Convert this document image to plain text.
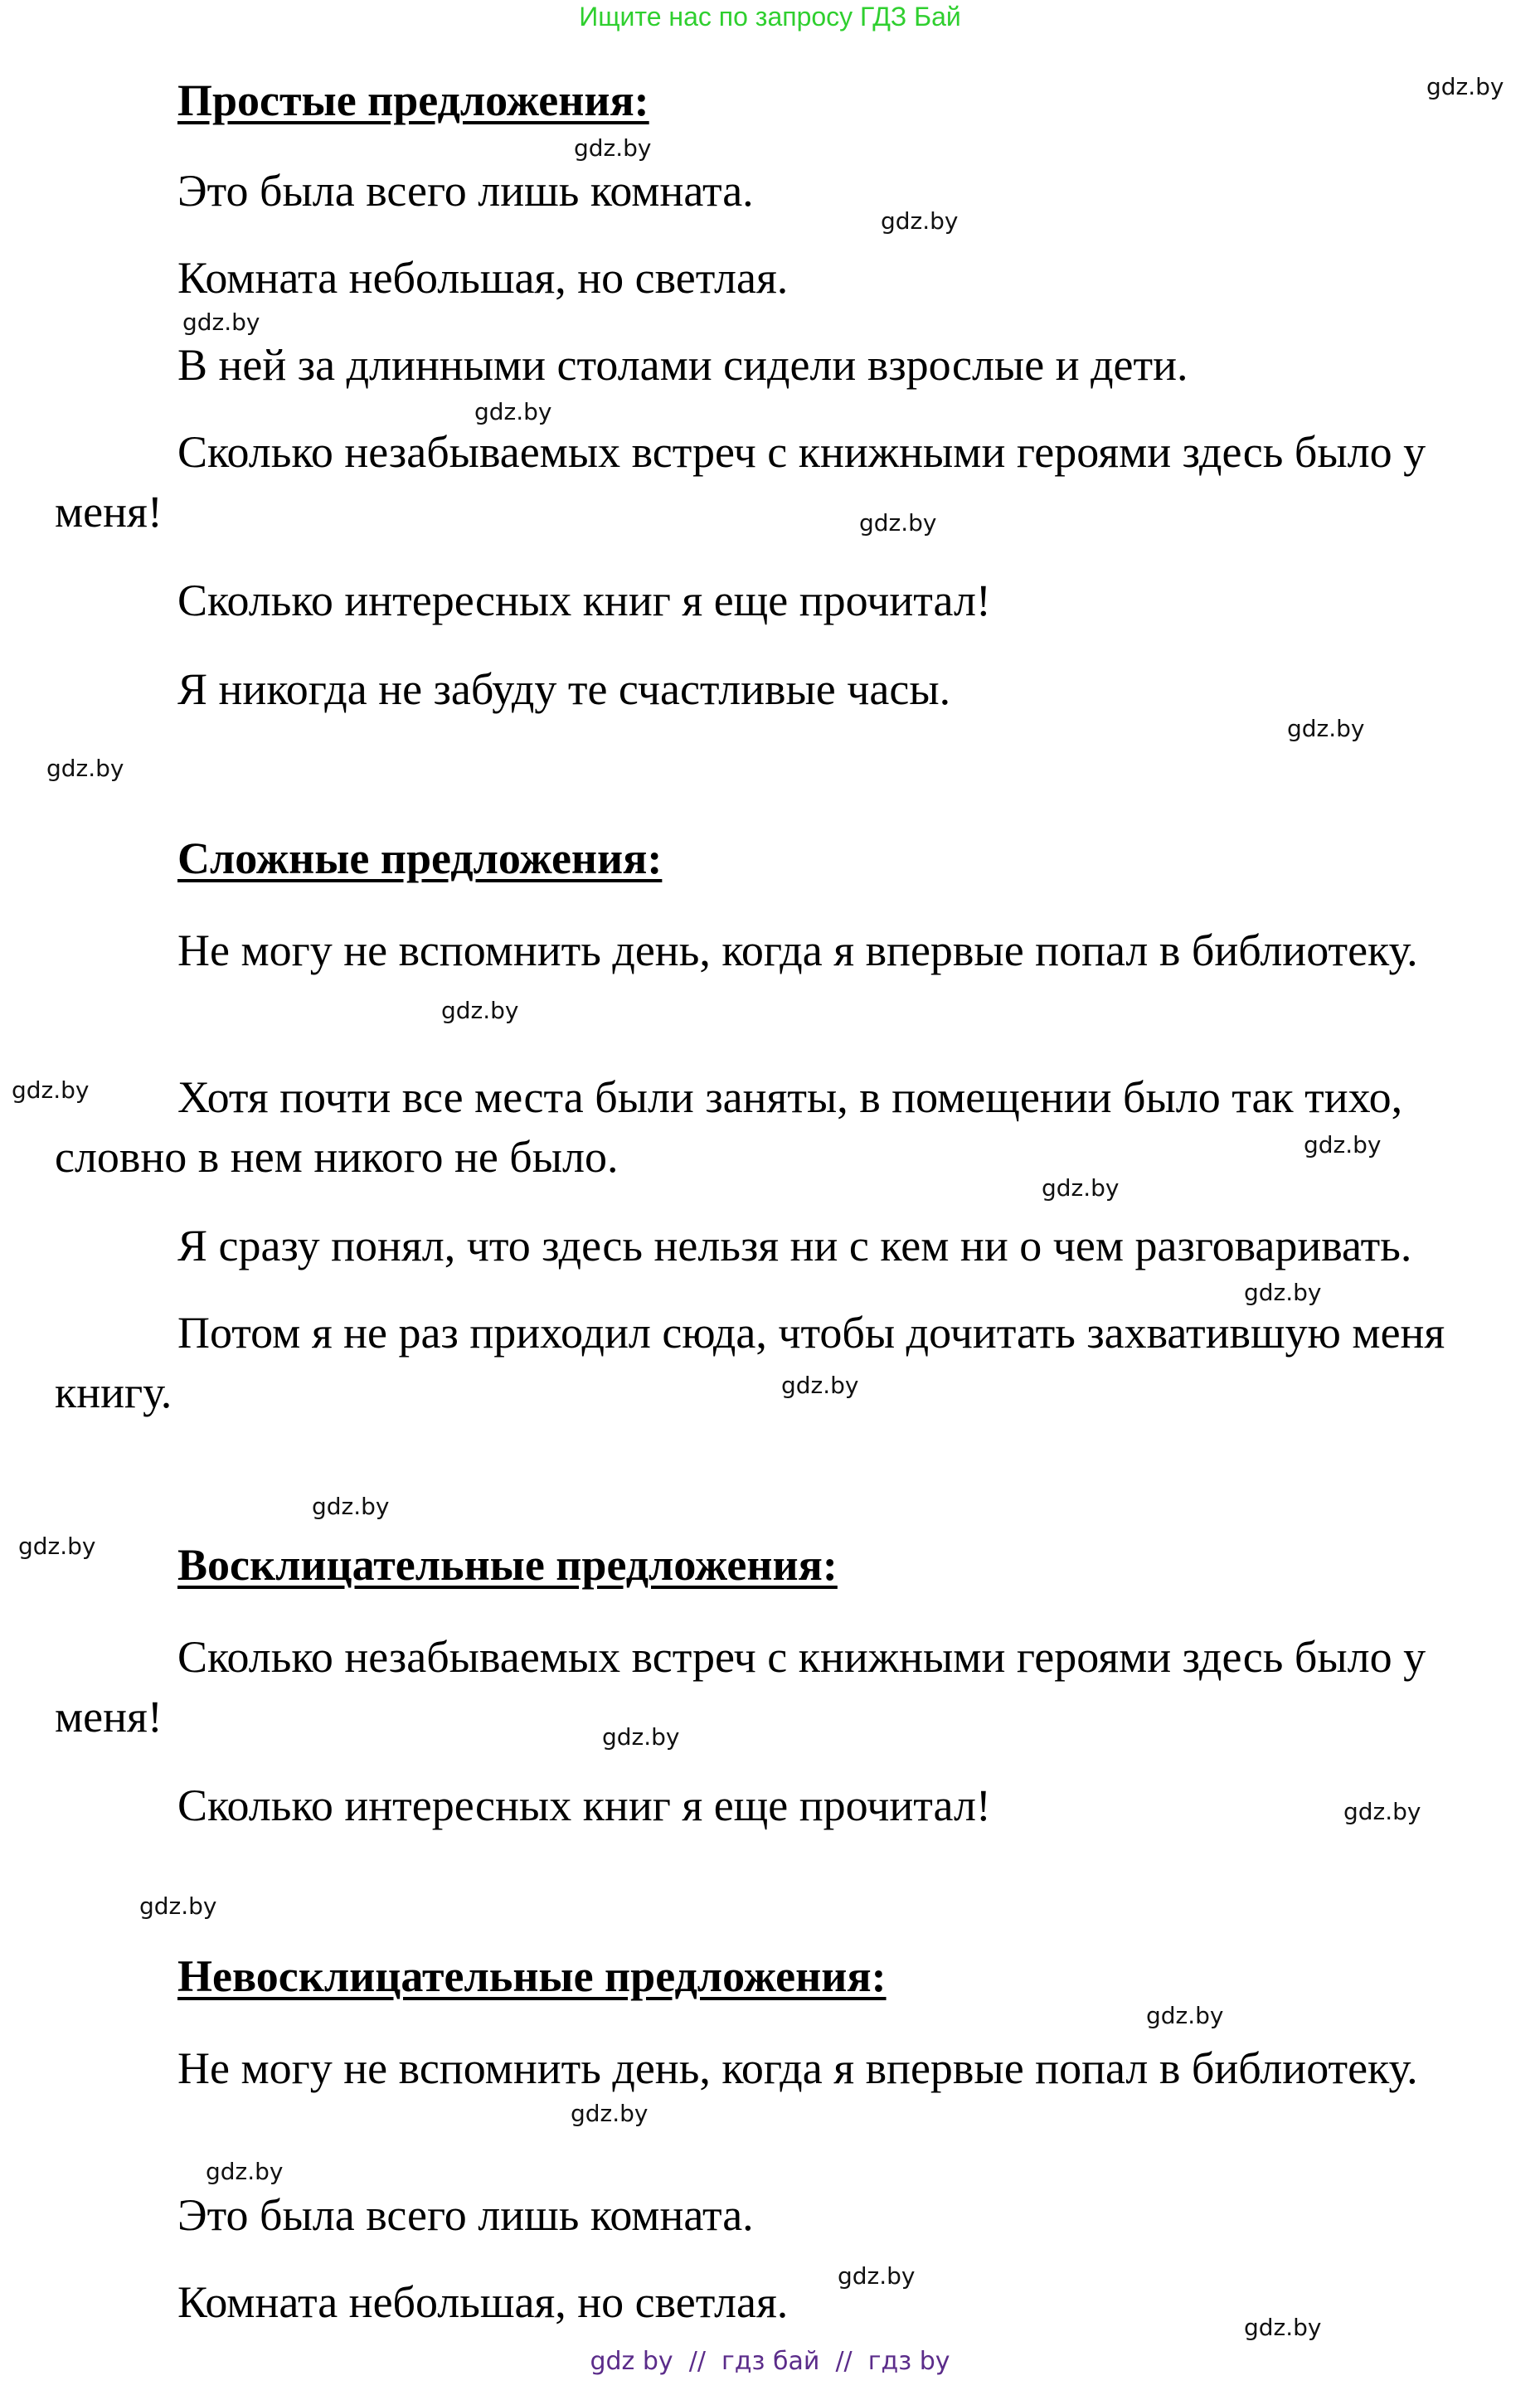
Ищите нас по запросу ГДЗ Бай
Простые предложения:

Это была всего лишь комната.

Комната небольшая, но светлая.

В ней за длинными столами сидели взрослые и дети.

Сколько незабываемых встреч с книжными героями здесь было у меня!

Сколько интересных книг я еще прочитал!

Я никогда не забуду те счастливые часы.

Сложные предложения:

Не могу не вспомнить день, когда я впервые попал в библиотеку.

Хотя почти все места были заняты, в помещении было так тихо, словно в нем никого не было.

Я сразу понял, что здесь нельзя ни с кем ни о чем разговаривать.

Потом я не раз приходил сюда, чтобы дочитать захватившую меня книгу.

Восклицательные предложения:

Сколько незабываемых встреч с книжными героями здесь было у меня!

Сколько интересных книг я еще прочитал!

Невосклицательные предложения:

Не могу не вспомнить день, когда я впервые попал в библиотеку.

Это была всего лишь комната.

Комната небольшая, но светлая.

gdz.by
gdz.by
gdz.by
gdz.by
gdz.by
gdz.by
gdz.by
gdz.by
gdz.by
gdz.by
gdz.by
gdz.by
gdz.by
gdz.by
gdz.by
gdz.by
gdz.by
gdz.by
gdz.by
gdz.by
gdz.by
gdz.by
gdz.by
gdz.by
gdz by  //  гдз бай  //  гдз by
